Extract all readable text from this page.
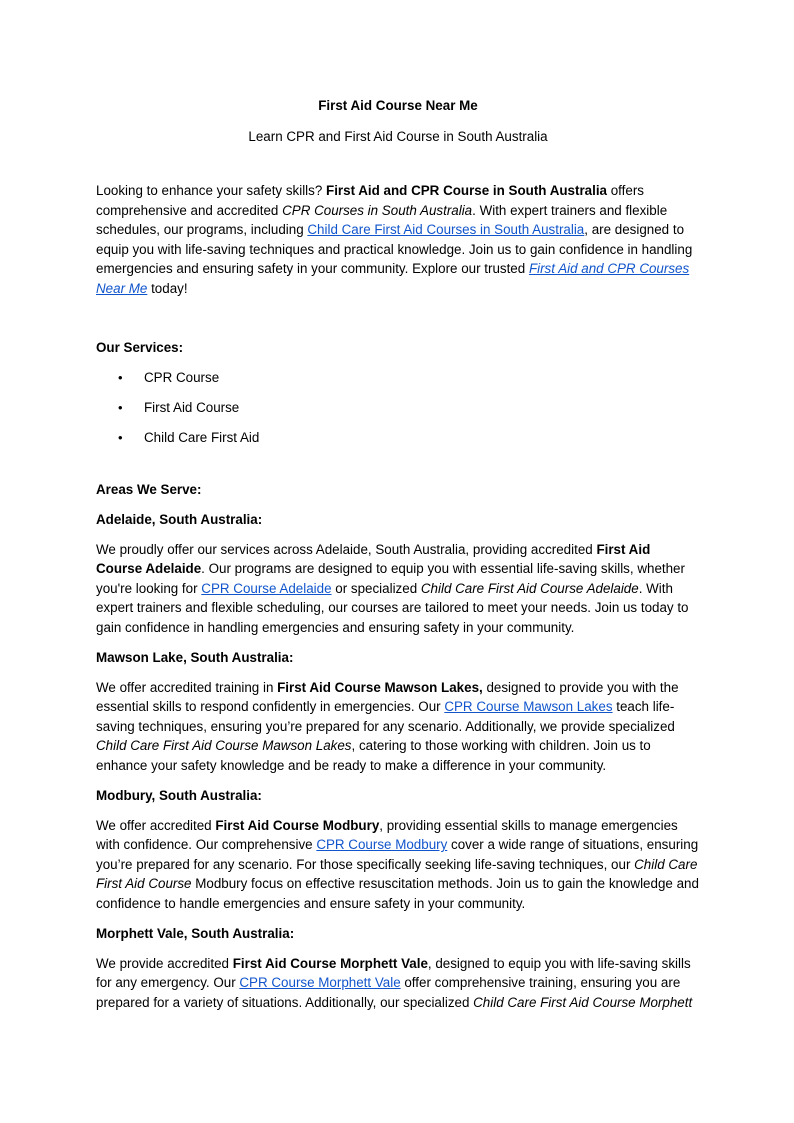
First Aid Course Near Me

Learn CPR and First Aid Course in South Australia

Looking to enhance your safety skills? First Aid and CPR Course in South Australia offers comprehensive and accredited CPR Courses in South Australia. With expert trainers and flexible schedules, our programs, including Child Care First Aid Courses in South Australia, are designed to equip you with life-saving techniques and practical knowledge. Join us to gain confidence in handling emergencies and ensuring safety in your community. Explore our trusted First Aid and CPR Courses Near Me today!

Our Services:

• CPR Course
• First Aid Course
• Child Care First Aid

Areas We Serve:

Adelaide, South Australia:

We proudly offer our services across Adelaide, South Australia, providing accredited First Aid Course Adelaide. Our programs are designed to equip you with essential life-saving skills, whether you're looking for CPR Course Adelaide or specialized Child Care First Aid Course Adelaide. With expert trainers and flexible scheduling, our courses are tailored to meet your needs. Join us today to gain confidence in handling emergencies and ensuring safety in your community.

Mawson Lake, South Australia:

We offer accredited training in First Aid Course Mawson Lakes, designed to provide you with the essential skills to respond confidently in emergencies. Our CPR Course Mawson Lakes teach life-saving techniques, ensuring you’re prepared for any scenario. Additionally, we provide specialized Child Care First Aid Course Mawson Lakes, catering to those working with children. Join us to enhance your safety knowledge and be ready to make a difference in your community.

Modbury, South Australia:

We offer accredited First Aid Course Modbury, providing essential skills to manage emergencies with confidence. Our comprehensive CPR Course Modbury cover a wide range of situations, ensuring you’re prepared for any scenario. For those specifically seeking life-saving techniques, our Child Care First Aid Course Modbury focus on effective resuscitation methods. Join us to gain the knowledge and confidence to handle emergencies and ensure safety in your community.

Morphett Vale, South Australia:

We provide accredited First Aid Course Morphett Vale, designed to equip you with life-saving skills for any emergency. Our CPR Course Morphett Vale offer comprehensive training, ensuring you are prepared for a variety of situations. Additionally, our specialized Child Care First Aid Course Morphett
